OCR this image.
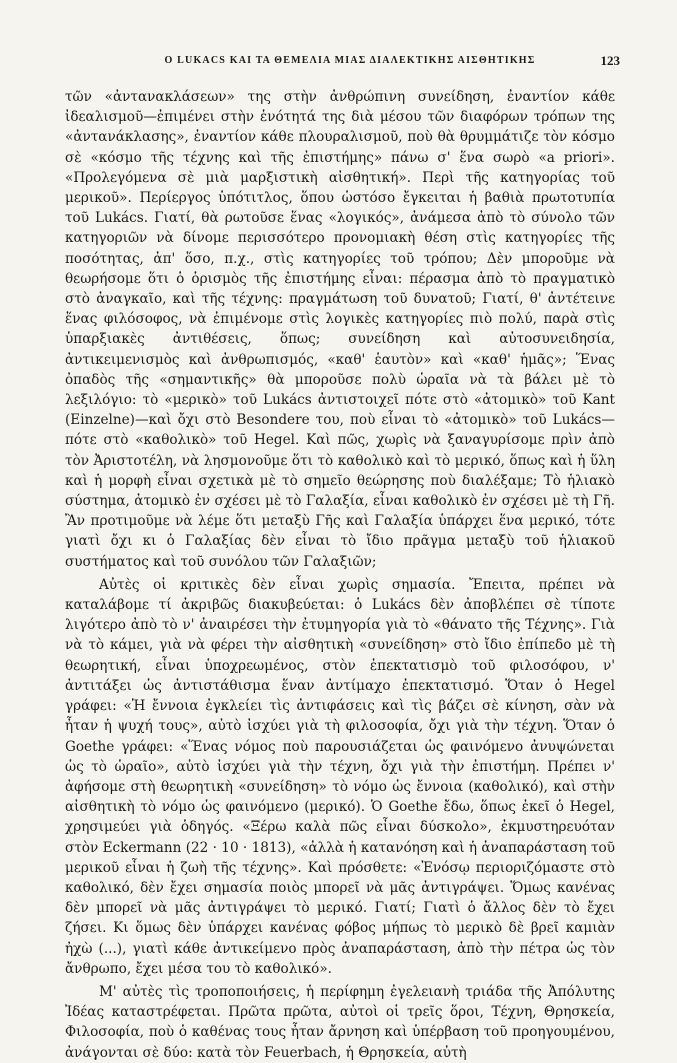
Ο LUKACS ΚΑΙ ΤΑ ΘΕΜΕΛΙΑ ΜΙΑΣ ΔΙΑΛΕΚΤΙΚΗΣ ΑΙΣΘΗΤΙΚΗΣ	123

τῶν «ἀντανακλάσεων» της στὴν ἀνθρώπινη συνείδηση, ἐναντίον κάθε ἰδεαλισμοῦ—ἐπιμένει στὴν ἑνότητά της διὰ μέσου τῶν διαφόρων τρόπων της «ἀντανάκλασης», ἐναντίον κάθε πλουραλισμοῦ, ποὺ θὰ θρυμμάτιζε τὸν κόσμο σὲ «κόσμο τῆς τέχνης καὶ τῆς ἐπιστήμης» πάνω σ' ἕνα σωρὸ «a priori». «Προλεγόμενα σὲ μιὰ μαρξιστικὴ αἰσθητική». Περὶ τῆς κατηγορίας τοῦ μερικοῦ». Περίεργος ὑπότιτλος, ὅπου ὡστόσο ἔγκειται ἡ βαθιὰ πρωτοτυπία τοῦ Lukács. Γιατί, θὰ ρωτοῦσε ἕνας «λογικός», ἀνάμεσα ἀπὸ τὸ σύνολο τῶν κατηγοριῶν νὰ δίνομε περισσότερο προνομιακὴ θέση στὶς κατηγορίες τῆς ποσότητας, ἀπ' ὅσο, π.χ., στὶς κατηγορίες τοῦ τρόπου; Δὲν μποροῦμε νὰ θεωρήσομε ὅτι ὁ ὁρισμὸς τῆς ἐπιστήμης εἶναι: πέρασμα ἀπὸ τὸ πραγματικὸ στὸ ἀναγκαῖο, καὶ τῆς τέχνης: πραγμάτωση τοῦ δυνατοῦ; Γιατί, θ' ἀντέτεινε ἕνας φιλόσοφος, νὰ ἐπιμένομε στὶς λογικὲς κατηγορίες πιὸ πολύ, παρὰ στὶς ὑπαρξιακὲς ἀντιθέσεις, ὅπως; συνείδηση καὶ αὐτοσυνειδησία, ἀντικειμενισμὸς καὶ ἀνθρωπισμός, «καθ' ἑαυτὸν» καὶ «καθ' ἡμᾶς»; Ἕνας ὀπαδὸς τῆς «σημαντικῆς» θὰ μποροῦσε πολὺ ὡραῖα νὰ τὰ βάλει μὲ τὸ λεξιλόγιο: τὸ «μερικὸ» τοῦ Lukács ἀντιστοιχεῖ πότε στὸ «ἀτομικὸ» τοῦ Kant (Einzelne)—καὶ ὄχι στὸ Besondere του, ποὺ εἶναι τὸ «ἀτομικὸ» τοῦ Lukács—πότε στὸ «καθολικὸ» τοῦ Hegel. Καὶ πῶς, χωρὶς νὰ ξαναγυρίσομε πρὶν ἀπὸ τὸν Ἀριστοτέλη, νὰ λησμονοῦμε ὅτι τὸ καθολικὸ καὶ τὸ μερικό, ὅπως καὶ ἡ ὕλη καὶ ἡ μορφὴ εἶναι σχετικὰ μὲ τὸ σημεῖο θεώρησης ποὺ διαλέξαμε; Τὸ ἡλιακὸ σύστημα, ἀτομικὸ ἐν σχέσει μὲ τὸ Γαλαξία, εἶναι καθολικὸ ἐν σχέσει μὲ τὴ Γῆ. Ἂν προτιμοῦμε νὰ λέμε ὅτι μεταξὺ Γῆς καὶ Γαλαξία ὑπάρχει ἕνα μερικό, τότε γιατὶ ὄχι κι ὁ Γαλαξίας δὲν εἶναι τὸ ἴδιο πρᾶγμα μεταξὺ τοῦ ἡλιακοῦ συστήματος καὶ τοῦ συνόλου τῶν Γαλαξιῶν;

Αὐτὲς οἱ κριτικὲς δὲν εἶναι χωρὶς σημασία. Ἔπειτα, πρέπει νὰ καταλάβομε τί ἀκριβῶς διακυβεύεται: ὁ Lukács δὲν ἀποβλέπει σὲ τίποτε λιγότερο ἀπὸ τὸ ν' ἀναιρέσει τὴν ἐτυμηγορία γιὰ τὸ «θάνατο τῆς Τέχνης». Γιὰ νὰ τὸ κάμει, γιὰ νὰ φέρει τὴν αἰσθητικὴ «συνείδηση» στὸ ἴδιο ἐπίπεδο μὲ τὴ θεωρητική, εἶναι ὑποχρεωμένος, στὸν ἐπεκτατισμὸ τοῦ φιλοσόφου, ν' ἀντιτάξει ὡς ἀντιστάθισμα ἕναν ἀντίμαχο ἐπεκτατισμό. Ὅταν ὁ Hegel γράφει: «Ἡ ἔννοια ἐγκλείει τὶς ἀντιφάσεις καὶ τὶς βάζει σὲ κίνηση, σὰν νὰ ἦταν ἡ ψυχή τους», αὐτὸ ἰσχύει γιὰ τὴ φιλοσοφία, ὄχι γιὰ τὴν τέχνη. Ὅταν ὁ Goethe γράφει: «Ἕνας νόμος ποὺ παρουσιάζεται ὡς φαινόμενο ἀνυψώνεται ὡς τὸ ὡραῖο», αὐτὸ ἰσχύει γιὰ τὴν τέχνη, ὄχι γιὰ τὴν ἐπιστήμη. Πρέπει ν' ἀφήσομε στὴ θεωρητικὴ «συνείδηση» τὸ νόμο ὡς ἔννοια (καθολικό), καὶ στὴν αἰσθητικὴ τὸ νόμο ὡς φαινόμενο (μερικό). Ὁ Goethe ἔδω, ὅπως ἐκεῖ ὁ Hegel, χρησιμεύει γιὰ ὁδηγός. «Ξέρω καλὰ πῶς εἶναι δύσκολο», ἐκμυστηρευόταν στὸν Eckermann (22 · 10 · 1813), «ἀλλὰ ἡ κατανόηση καὶ ἡ ἀναπαράσταση τοῦ μερικοῦ εἶναι ἡ ζωὴ τῆς τέχνης». Καὶ πρόσθετε: «Ἐνόσῳ περιοριζόμαστε στὸ καθολικό, δὲν ἔχει σημασία ποιὸς μπορεῖ νὰ μᾶς ἀντιγράψει. Ὅμως κανένας δὲν μπορεῖ νὰ μᾶς ἀντιγράψει τὸ μερικό. Γιατί; Γιατὶ ὁ ἄλλος δὲν τὸ ἔχει ζήσει. Κι ὅμως δὲν ὑπάρχει κανένας φόβος μήπως τὸ μερικὸ δὲ βρεῖ καμιὰν ἠχὼ (...), γιατὶ κάθε ἀντικείμενο πρὸς ἀναπαράσταση, ἀπὸ τὴν πέτρα ὡς τὸν ἄνθρωπο, ἔχει μέσα του τὸ καθολικό».

Μ' αὐτὲς τὶς τροποποιήσεις, ἡ περίφημη ἐγελειανὴ τριάδα τῆς Ἀπόλυτης Ἰδέας καταστρέφεται. Πρῶτα πρῶτα, αὐτοὶ οἱ τρεῖς ὅροι, Τέχνη, Θρησκεία, Φιλοσοφία, ποὺ ὁ καθένας τους ἦταν ἄρνηση καὶ ὑπέρβαση τοῦ προηγουμένου, ἀνάγονται σὲ δύο: κατὰ τὸν Feuerbach, ἡ Θρησκεία, αὐτὴ
